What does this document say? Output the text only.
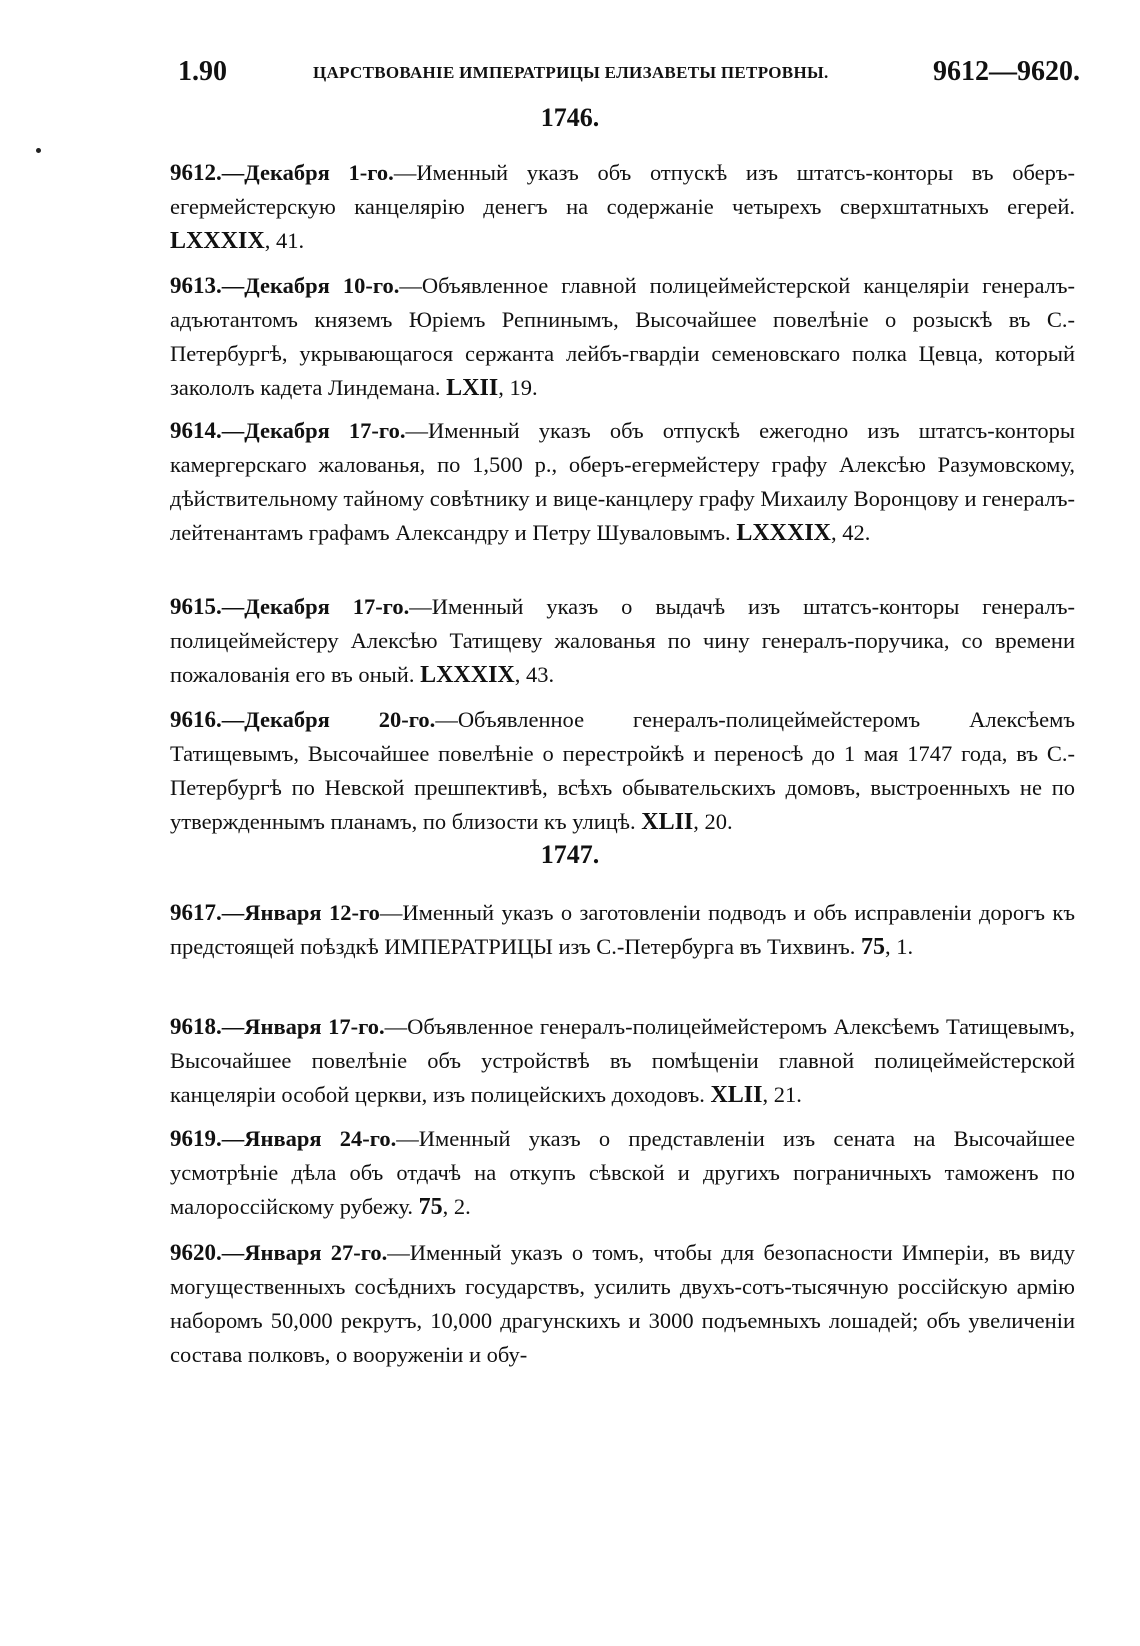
1.90	ЦАРСТВОВАНІЕ ИМПЕРАТРИЦЫ ЕЛИЗАВЕТЫ ПЕТРОВНЫ.	9612—9620.
1746.

9612.—Декабря 1-го.—Именный указъ объ отпускѣ изъ штатсъ-конторы въ оберъ-егермейстерскую канцелярію денегъ на содержаніе четырехъ сверхштатныхъ егерей. LXXXIX, 41.

9613.—Декабря 10-го.—Объявленное главной полицеймейстерской канцеляріи генералъ-адъютантомъ княземъ Юріемъ Репнинымъ, Высочайшее повелѣніе о розыскѣ въ С.-Петербургѣ, укрывающагося сержанта лейбъ-гвардіи семеновскаго полка Цевца, который закололъ кадета Линдемана. LXII, 19.

9614.—Декабря 17-го.—Именный указъ объ отпускѣ ежегодно изъ штатсъ-конторы камергерскаго жалованья, по 1,500 р., оберъ-егермейстеру графу Алексѣю Разумовскому, дѣйствительному тайному совѣтнику и вице-канцлеру графу Михаилу Воронцову и генералъ-лейтенантамъ графамъ Александру и Петру Шуваловымъ. LXXXIX, 42.

9615.—Декабря 17-го.—Именный указъ о выдачѣ изъ штатсъ-конторы генералъ-полицеймейстеру Алексѣю Татищеву жалованья по чину генералъ-поручика, со времени пожалованія его въ оный. LXXXIX, 43.

9616.—Декабря 20-го.—Объявленное генералъ-полицеймейстеромъ Алексѣемъ Татищевымъ, Высочайшее повелѣніе о перестройкѣ и переносѣ до 1 мая 1747 года, въ С.-Петербургѣ по Невской прешпективѣ, всѣхъ обывательскихъ домовъ, выстроенныхъ не по утвержденнымъ планамъ, по близости къ улицѣ. XLII, 20.

1747.

9617.—Января 12-го—Именный указъ о заготовленіи подводъ и объ исправленіи дорогъ къ предстоящей поѣздкѣ ИМПЕРАТРИЦЫ изъ С.-Петербурга въ Тихвинъ. 75, 1.

9618.—Января 17-го.—Объявленное генералъ-полицеймейстеромъ Алексѣемъ Татищевымъ, Высочайшее повелѣніе объ устройствѣ въ помѣщеніи главной полицеймейстерской канцеляріи особой церкви, изъ полицейскихъ доходовъ. XLII, 21.

9619.—Января 24-го.—Именный указъ о представленіи изъ сената на Высочайшее усмотрѣніе дѣла объ отдачѣ на откупъ сѣвской и другихъ пограничныхъ таможенъ по малороссійскому рубежу. 75, 2.

9620.—Января 27-го.—Именный указъ о томъ, чтобы для безопасности Имперіи, въ виду могущественныхъ сосѣднихъ государствъ, усилить двухъ-сотъ-тысячную россійскую армію наборомъ 50,000 рекрутъ, 10,000 драгунскихъ и 3000 подъемныхъ лошадей; объ увеличеніи состава полковъ, о вооруженіи и обу-
